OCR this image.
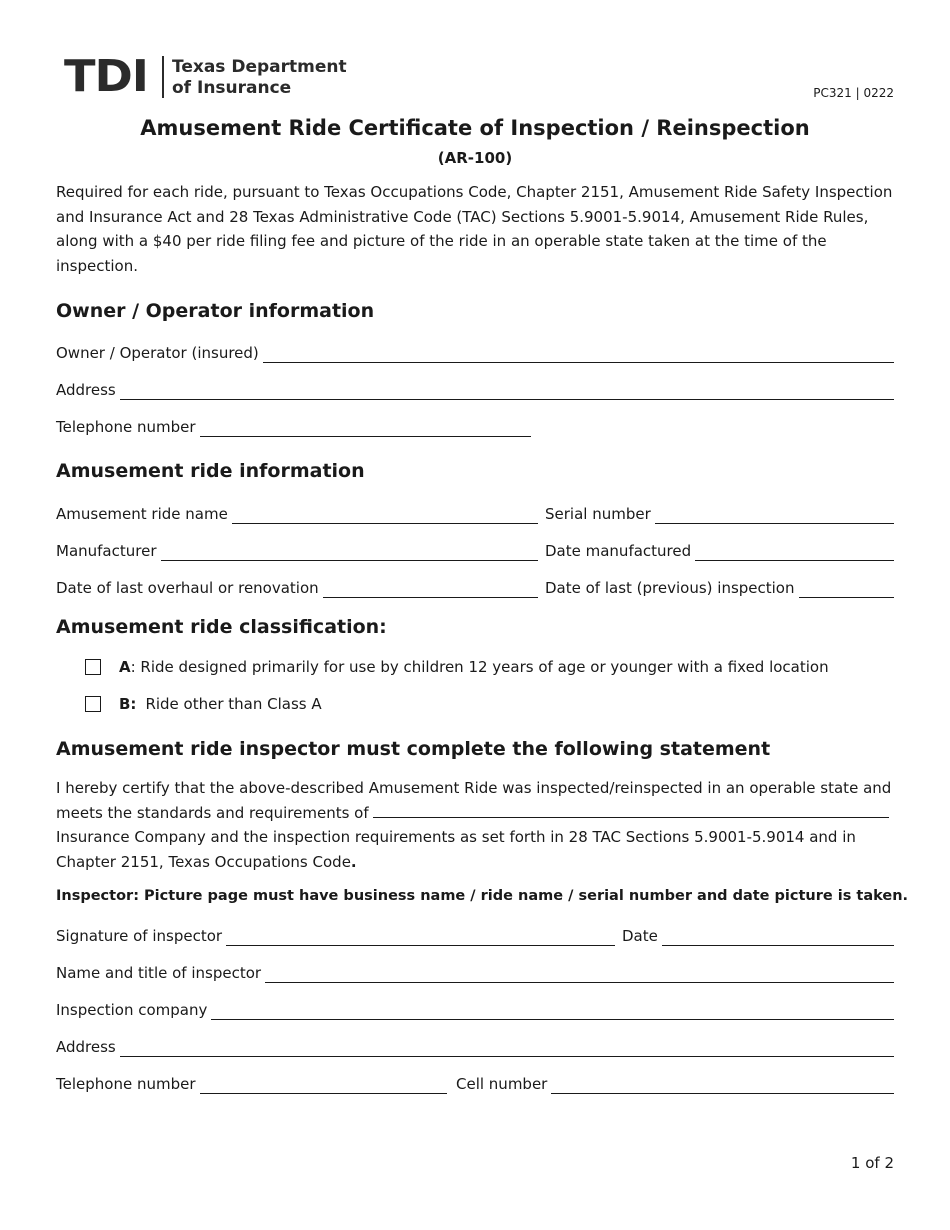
TDI Texas Department
of Insurance	PC321 | 0222
Amusement Ride Certificate of Inspection / Reinspection
(AR-100)
Required for each ride, pursuant to Texas Occupations Code, Chapter 2151, Amusement Ride Safety Inspection and Insurance Act and 28 Texas Administrative Code (TAC) Sections 5.9001-5.9014, Amusement Ride Rules, along with a $40 per ride filing fee and picture of the ride in an operable state taken at the time of the inspection.
Owner / Operator information
Owner / Operator (insured)
Address
Telephone number
Amusement ride information
Amusement ride name	Serial number
Manufacturer	Date manufactured
Date of last overhaul or renovation	Date of last (previous) inspection
Amusement ride classification:
A : Ride designed primarily for use by children 12 years of age or younger with a fixed location
B: Ride other than Class A
Amusement ride inspector must complete the following statement
I hereby certify that the above-described Amusement Ride was inspected/reinspected in an operable state and meets the standards and requirements of
Insurance Company and the inspection requirements as set forth in 28 TAC Sections 5.9001-5.9014 and in Chapter 2151, Texas Occupations Code.
Inspector: Picture page must have business name / ride name / serial number and date picture is taken.
Signature of inspector	Date
Name and title of inspector
Inspection company
Address
Telephone number	Cell number
1 of 2
